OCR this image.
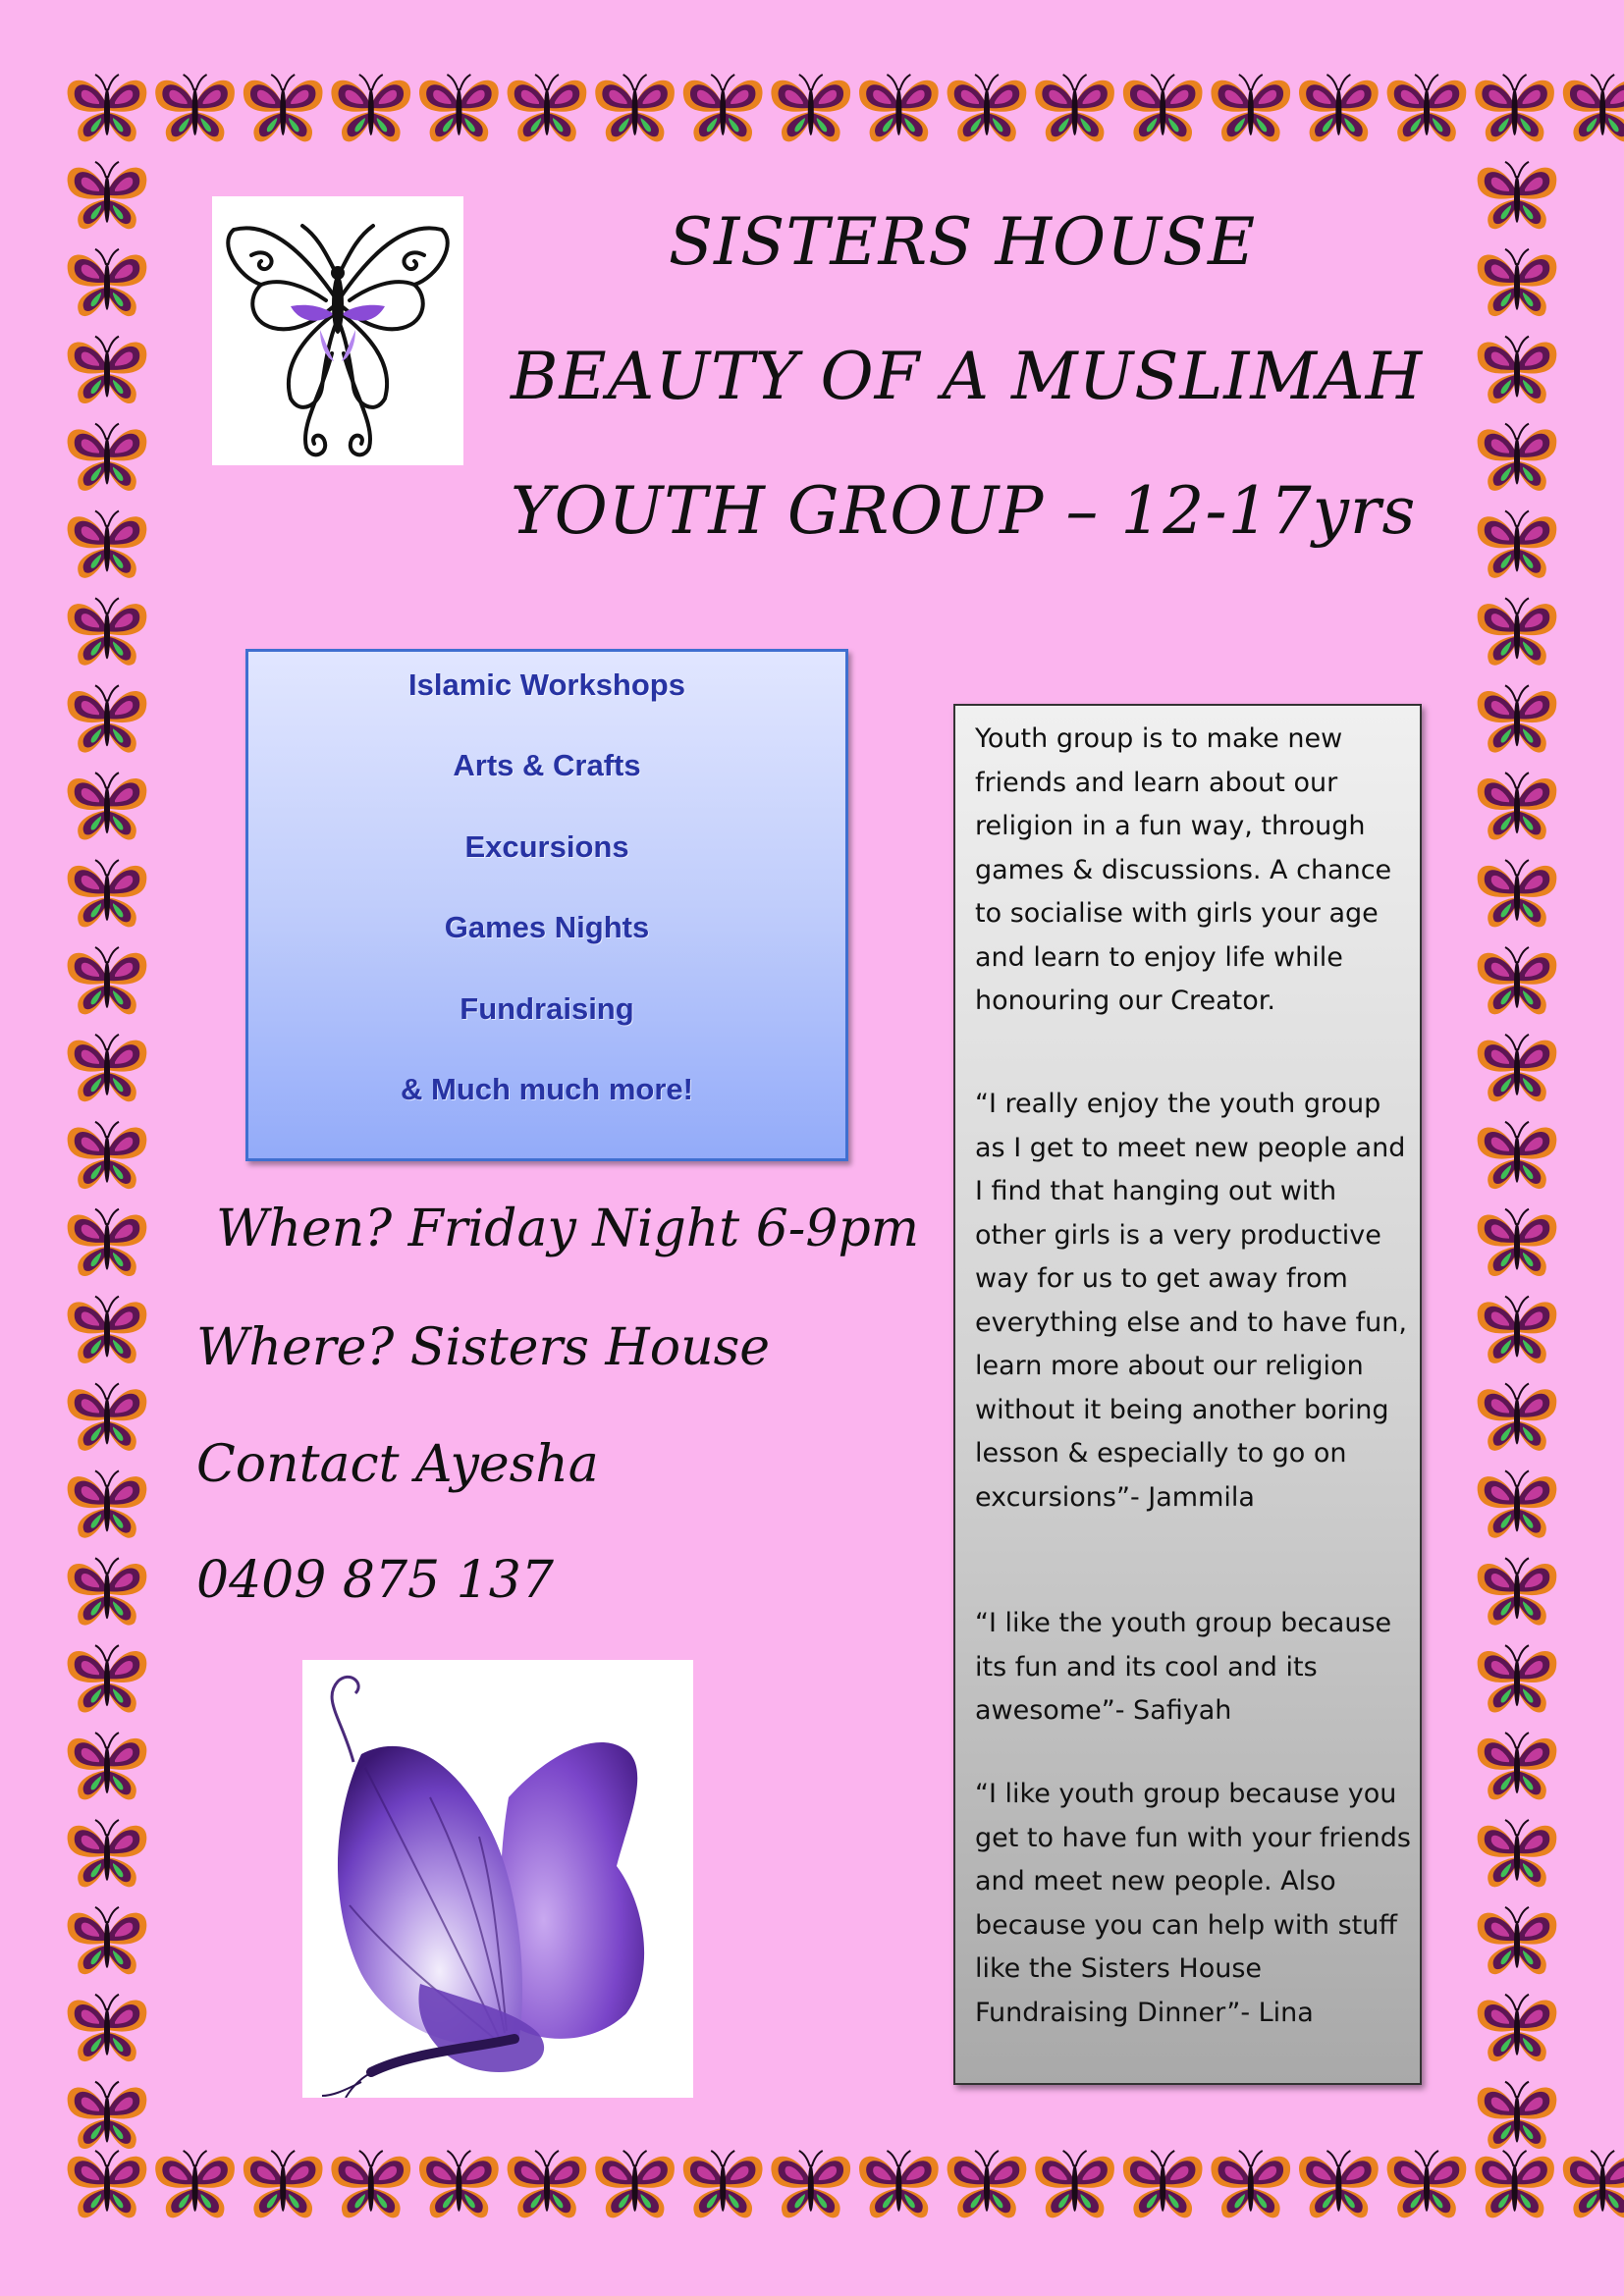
SISTERS HOUSE
BEAUTY OF A MUSLIMAH
YOUTH GROUP – 12-17yrs
Islamic Workshops
Arts & Crafts
Excursions
Games Nights
Fundraising
& Much much more!
When? Friday Night 6-9pm
Where? Sisters House
Contact Ayesha
0409 875 137

Youth group is to make new friends and learn about our religion in a fun way, through games & discussions. A chance to socialise with girls your age and learn to enjoy life while honouring our Creator.

“I really enjoy the youth group as I get to meet new people and I find that hanging out with other girls is a very productive way for us to get away from everything else and to have fun, learn more about our religion without it being another boring lesson & especially to go on excursions”- Jammila

“I like the youth group because its fun and its cool and its awesome”- Safiyah

“I like youth group because you get to have fun with your friends and meet new people. Also because you can help with stuff like the Sisters House Fundraising Dinner”- Lina
